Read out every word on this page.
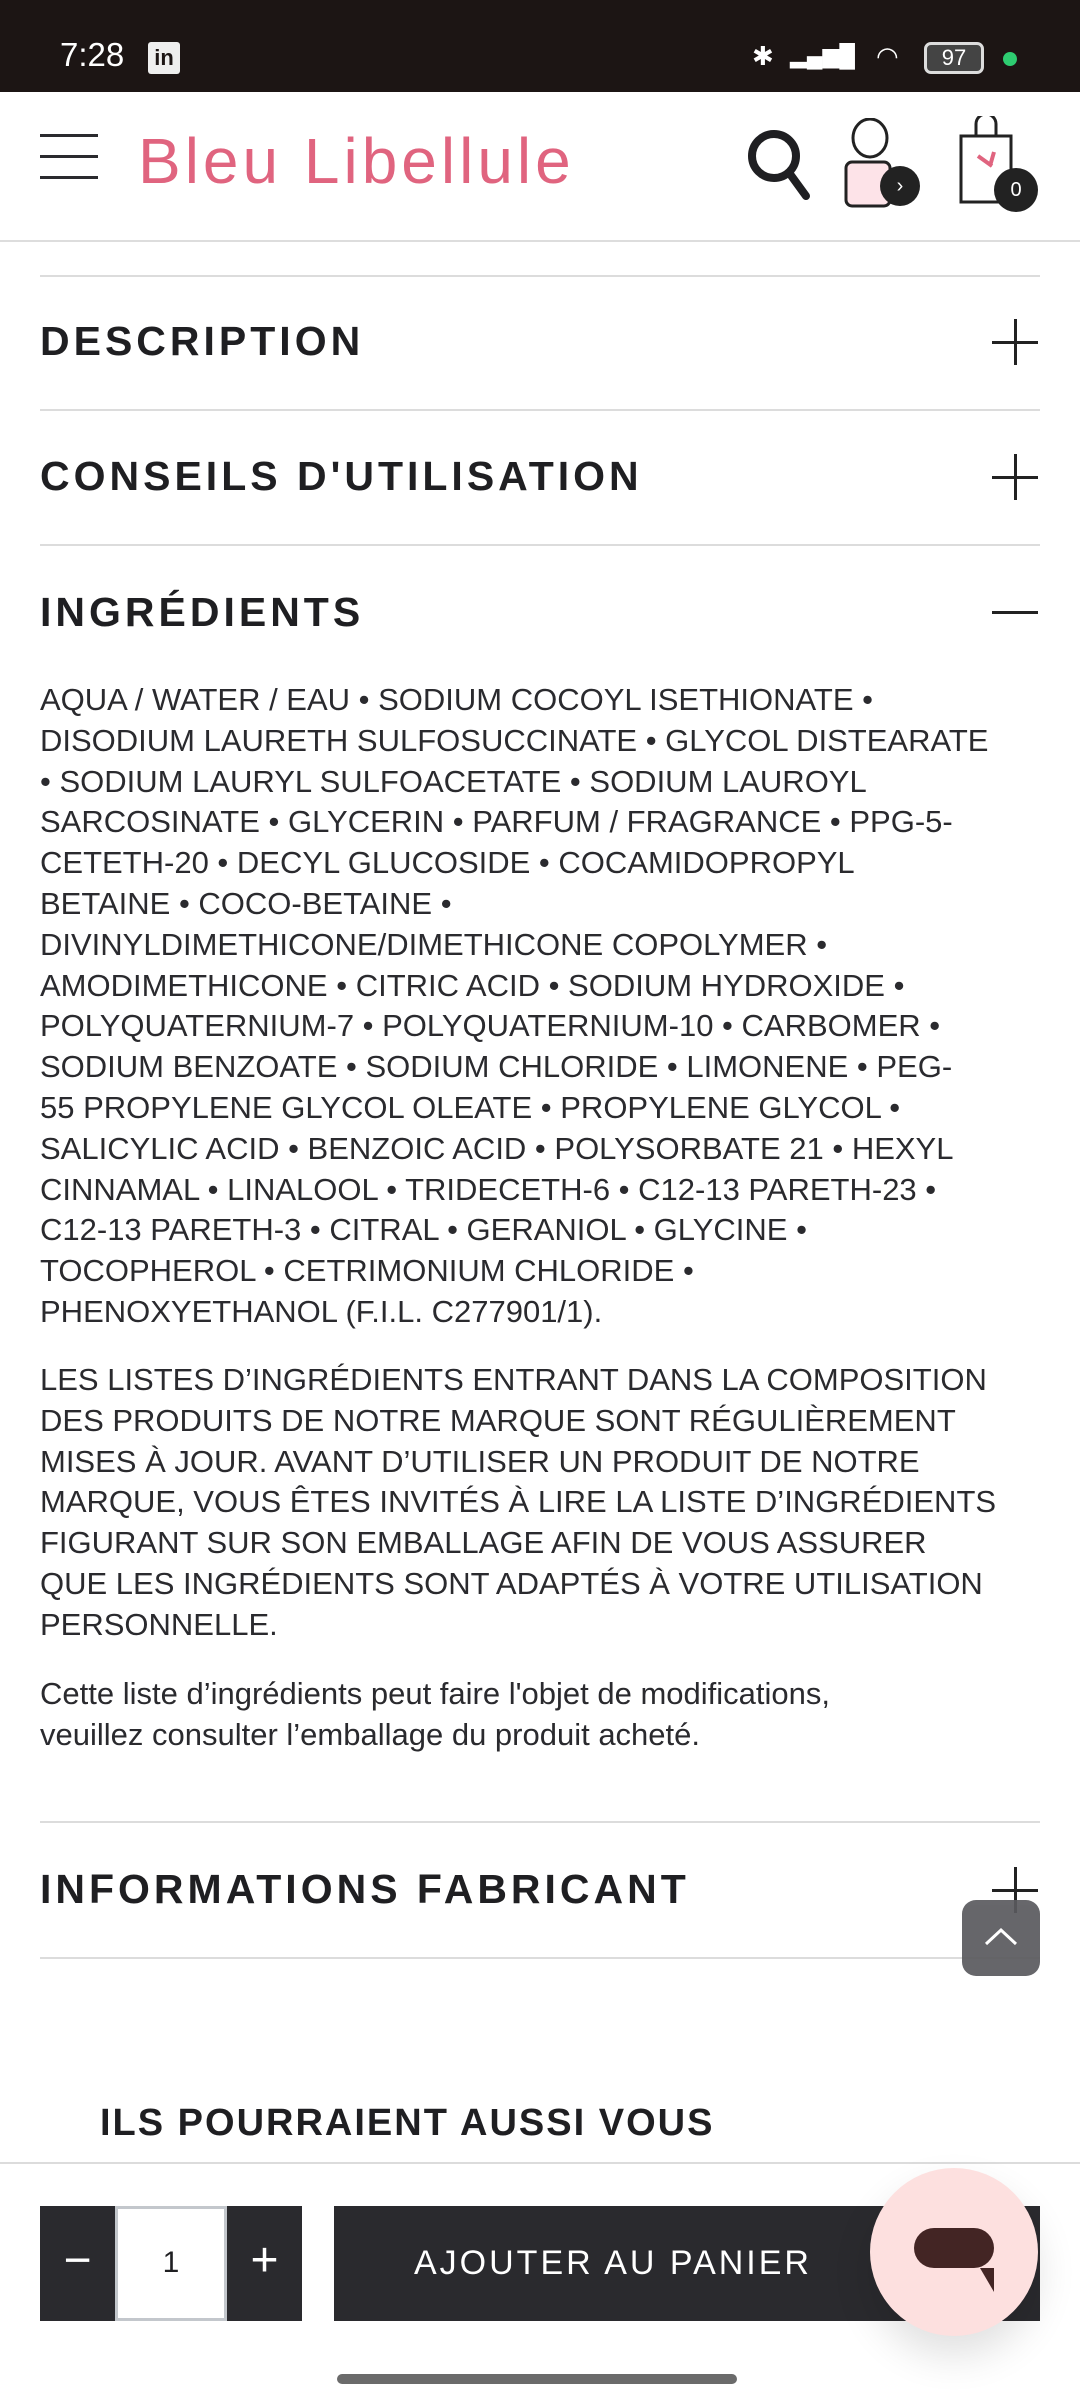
7:28 in	✱ ▂▄▆█ ◠	97
Bleu Libellule	›	0
DESCRIPTION
CONSEILS D'UTILISATION
INGRÉDIENTS
AQUA / WATER / EAU • SODIUM COCOYL ISETHIONATE •
DISODIUM LAURETH SULFOSUCCINATE • GLYCOL DISTEARATE
• SODIUM LAURYL SULFOACETATE • SODIUM LAUROYL
SARCOSINATE • GLYCERIN • PARFUM / FRAGRANCE • PPG-5-
CETETH-20 • DECYL GLUCOSIDE • COCAMIDOPROPYL
BETAINE • COCO-BETAINE •
DIVINYLDIMETHICONE/DIMETHICONE COPOLYMER •
AMODIMETHICONE • CITRIC ACID • SODIUM HYDROXIDE •
POLYQUATERNIUM-7 • POLYQUATERNIUM-10 • CARBOMER •
SODIUM BENZOATE • SODIUM CHLORIDE • LIMONENE • PEG-
55 PROPYLENE GLYCOL OLEATE • PROPYLENE GLYCOL •
SALICYLIC ACID • BENZOIC ACID • POLYSORBATE 21 • HEXYL
CINNAMAL • LINALOOL • TRIDECETH-6 • C12-13 PARETH-23 •
C12-13 PARETH-3 • CITRAL • GERANIOL • GLYCINE •
TOCOPHEROL • CETRIMONIUM CHLORIDE •
PHENOXYETHANOL (F.I.L. C277901/1).
LES LISTES D’INGRÉDIENTS ENTRANT DANS LA COMPOSITION
DES PRODUITS DE NOTRE MARQUE SONT RÉGULIÈREMENT
MISES À JOUR. AVANT D’UTILISER UN PRODUIT DE NOTRE
MARQUE, VOUS ÊTES INVITÉS À LIRE LA LISTE D’INGRÉDIENTS
FIGURANT SUR SON EMBALLAGE AFIN DE VOUS ASSURER
QUE LES INGRÉDIENTS SONT ADAPTÉS À VOTRE UTILISATION
PERSONNELLE.
Cette liste d’ingrédients peut faire l'objet de modifications,
veuillez consulter l’emballage du produit acheté.
INFORMATIONS FABRICANT
ILS POURRAIENT AUSSI VOUS
−	1	+	AJOUTER AU PANIER
